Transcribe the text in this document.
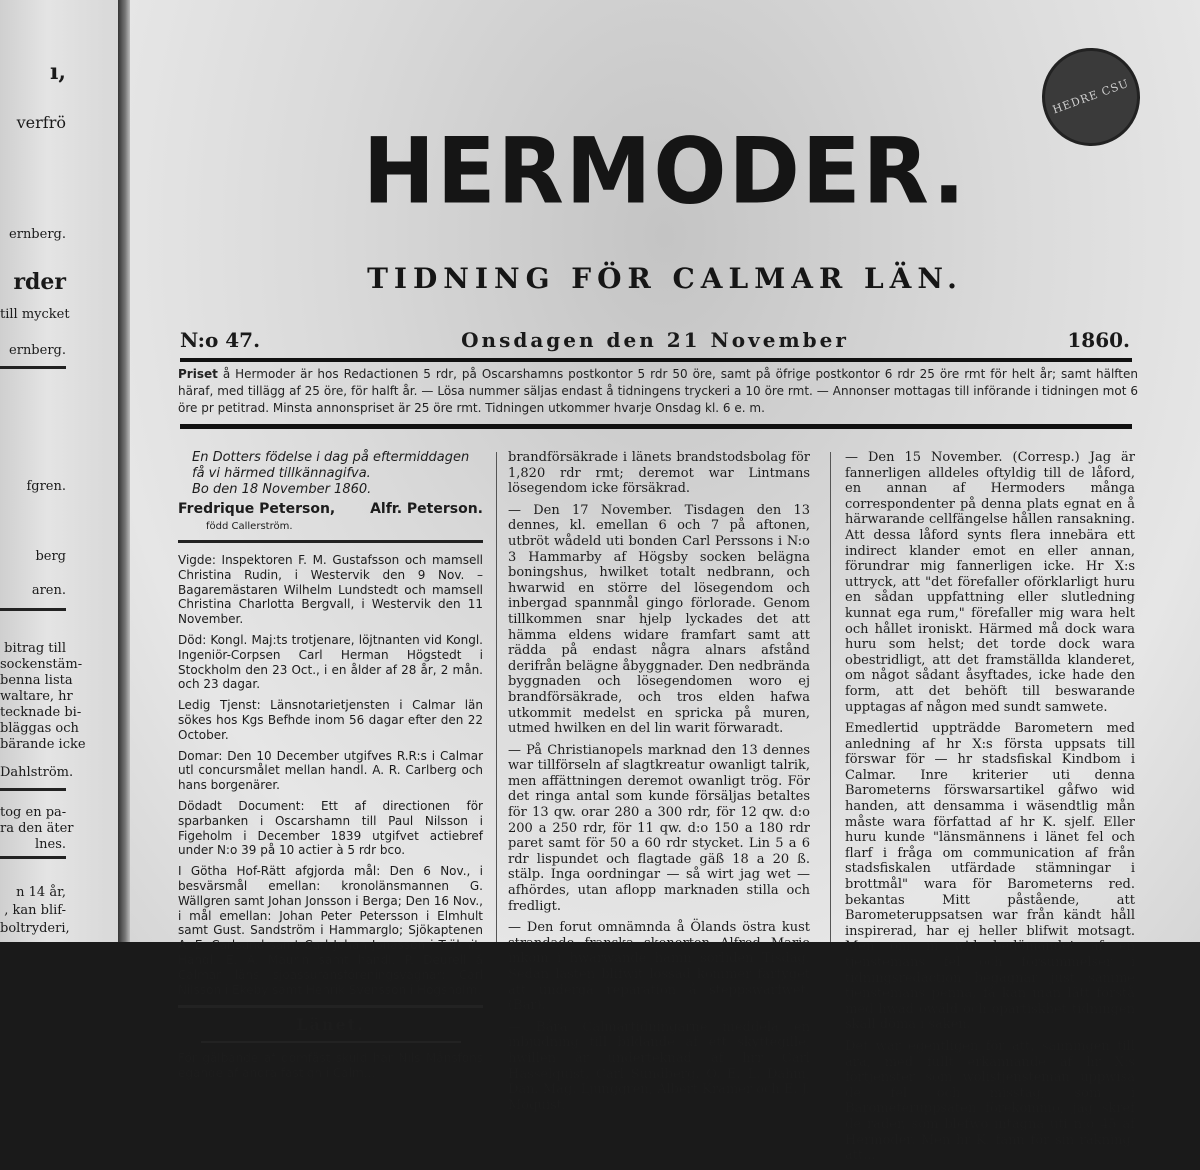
ı,
verfrö
ernberg.
rder
till mycket
ernberg.
fgren.
berg
aren.
bitrag till
sockenstäm-
benna lista
waltare, hr
tecknade bi-
bläggas och
bärande icke
Dahlström.
tog en pa-
ra den äter
lnes.
n 14 år,
, kan blif-
boltryderi,
HEDRE CSU
HERMODER.
TIDNING FÖR CALMAR LÄN.
N:o 47.	Onsdagen den 21 November	1860.
Priset å Hermoder är hos Redactionen 5 rdr, på Oscarshamns postkontor 5 rdr 50 öre, samt på öfrige postkontor 6 rdr 25 öre rmt för helt år; samt hälften häraf, med tillägg af 25 öre, för halft år. — Lösa nummer säljas endast å tidningens tryckeri a 10 öre rmt. — Annonser mottagas till införande i tidningen mot 6 öre pr petitrad. Minsta annonspriset är 25 öre rmt. Tidningen utkommer hvarje Onsdag kl. 6 e. m.
En Dotters födelse i dag på eftermiddagen få vi härmed tillkännagifva.
Bo den 18 November 1860.
Fredrique Peterson,
född Callerström.
Alfr. Peterson.

Vigde: Inspektoren F. M. Gustafsson och mamsell Christina Rudin, i Westervik den 9 Nov. – Bagaremästaren Wilhelm Lundstedt och mamsell Christina Charlotta Bergvall, i Westervik den 11 November.

Död: Kongl. Maj:ts trotjenare, löjtnanten vid Kongl. Ingeniör-Corpsen Carl Herman Högstedt i Stockholm den 23 Oct., i en ålder af 28 år, 2 mån. och 23 dagar.

Ledig Tjenst: Länsnotarietjensten i Calmar län sökes hos Kgs Befhde inom 56 dagar efter den 22 October.

Domar: Den 10 December utgifves R.R:s i Calmar utl concursmålet mellan handl. A. R. Carlberg och hans borgenärer.

Dödadt Document: Ett af directionen för sparbanken i Oscarshamn till Paul Nilsson i Figeholm i December 1839 utgifvet actiebref under N:o 39 på 10 actier à 5 rdr bco.

I Götha Hof-Rätt afgjorda mål: Den 6 Nov., i besvärsmål emellan: kronolänsmannen G. Wällgren samt Johan Jonsson i Berga; Den 16 Nov., i mål emellan: Johan Peter Petersson i Elmhult samt Gust. Sandström i Hammarglo; Sjökaptenen A. E. Carlsund samt Carl Johan Jonasson i Träknit; Handl. E. A. Maurin samt handl. P. Deurell å Calmar läns sjöassuransföreningsvägnar; Carl Nilsson i Ekeby samt Henrik Svensson i Högsholm.

Länet.

För gälbande af domfäst skuld har Nils Månsfons egande af andra fastigh i Calm...

brandförsäkrade i länets brandstodsbolag för 1,820 rdr rmt; deremot war Lintmans lösegendom icke försäkrad.

— Den 17 November. Tisdagen den 13 dennes, kl. emellan 6 och 7 på aftonen, utbröt wådeld uti bonden Carl Perssons i N:o 3 Hammarby af Högsby socken belägna boningshus, hwilket totalt nedbrann, och hwarwid en större del lösegendom och inbergad spannmål gingo förlorade. Genom tillkommen snar hjelp lyckades det att hämma eldens widare framfart samt att rädda på endast några alnars afstånd derifrån belägne åbyggnader. Den nedbrända byggnaden och lösegendomen woro ej brandförsäkrade, och tros elden hafwa utkommit medelst en spricka på muren, utmed hwilken en del lin warit förwaradt.

— På Christianopels marknad den 13 dennes war tillförseln af slagtkreatur owanligt talrik, men affättningen deremot owanligt trög. För det ringa antal som kunde försäljas betaltes för 13 qw. orar 280 a 300 rdr, för 12 qw. d:o 200 a 250 rdr, för 11 qw. d:o 150 a 180 rdr paret samt för 50 a 60 rdr stycket. Lin 5 a 6 rdr lispundet och flagtade gäß 18 a 20 ß. stälp. Inga oordningar — så wirt jag wet — afhördes, utan aflopp marknaden stilla och fredligt.

— Den forut omnämnda å Ölands östra kust strandade franska skonerten Alfred Marie inkom i hwarwande hamn sorliden Tisdag. Sedan lasten blifwit lossad kommer fartyget att undergå reparation å steppswarfwet. (Bar).

— Båra Calmartidningarne meddela en inbjudning till bildande af ett skyttegille, hwillen är underteknad af hrr Carl Hasselquist, Carl Sundberg, O. E. L. Dahm, Dan. Mag. Ljunggren, Albert Kramer och E. J. Moquist.

— Den 15 November. (Corresp.) Jag är fannerligen alldeles oftyldig till de låford, en annan af Hermoders många correspondenter på denna plats egnat en å härwarande cellfängelse hållen ransakning. Att dessa låford synts flera innebära ett indirect klander emot en eller annan, förundrar mig fannerligen icke. Hr X:s uttryck, att "det förefaller oförklarligt huru en sådan uppfattning eller slutledning kunnat ega rum," förefaller mig wara helt och hållet ironiskt. Härmed må dock wara huru som helst; det torde dock wara obestridligt, att det framställda klanderet, om något sådant åsyftades, icke hade den form, att det behöft till beswarande upptagas af någon med sundt samwete.

Emedlertid uppträdde Barometern med anledning af hr X:s första uppsats till förswar för — hr stadsfiskal Kindbom i Calmar. Inre kriterier uti denna Barometerns förswarsartikel gåfwo wid handen, att densamma i wäsendtlig mån måste wara författad af hr K. sjelf. Eller huru kunde "länsmännens i länet fel och flarf i fråga om communication af från stadsfiskalen utfärdade stämningar i brottmål" wara för Barometerns red. bekantas Mitt påstående, att Barometeruppsatsen war från kändt håll inspirerad, har ej heller blifwit motsagt. Men om m wid bedömandet af en tjenstemans fel och försummelser i tidningsredaction begagnar just samme tjenstemans penna, få kan man lätt förstå med hwad owäld och opartiskhet tidningen skall döma i saken.

Det war egentligen för att, sanningen till ära, med fullt erkännande af hr X:s förtjenster som wolistjensteman uppwisa de fel och misstag, som i Barometeruppsaten förekommo, jag skref de rader, som blefwo intagna uti n:o 45 af Hermoder. Men hr K. fann för sin räkning, att...
